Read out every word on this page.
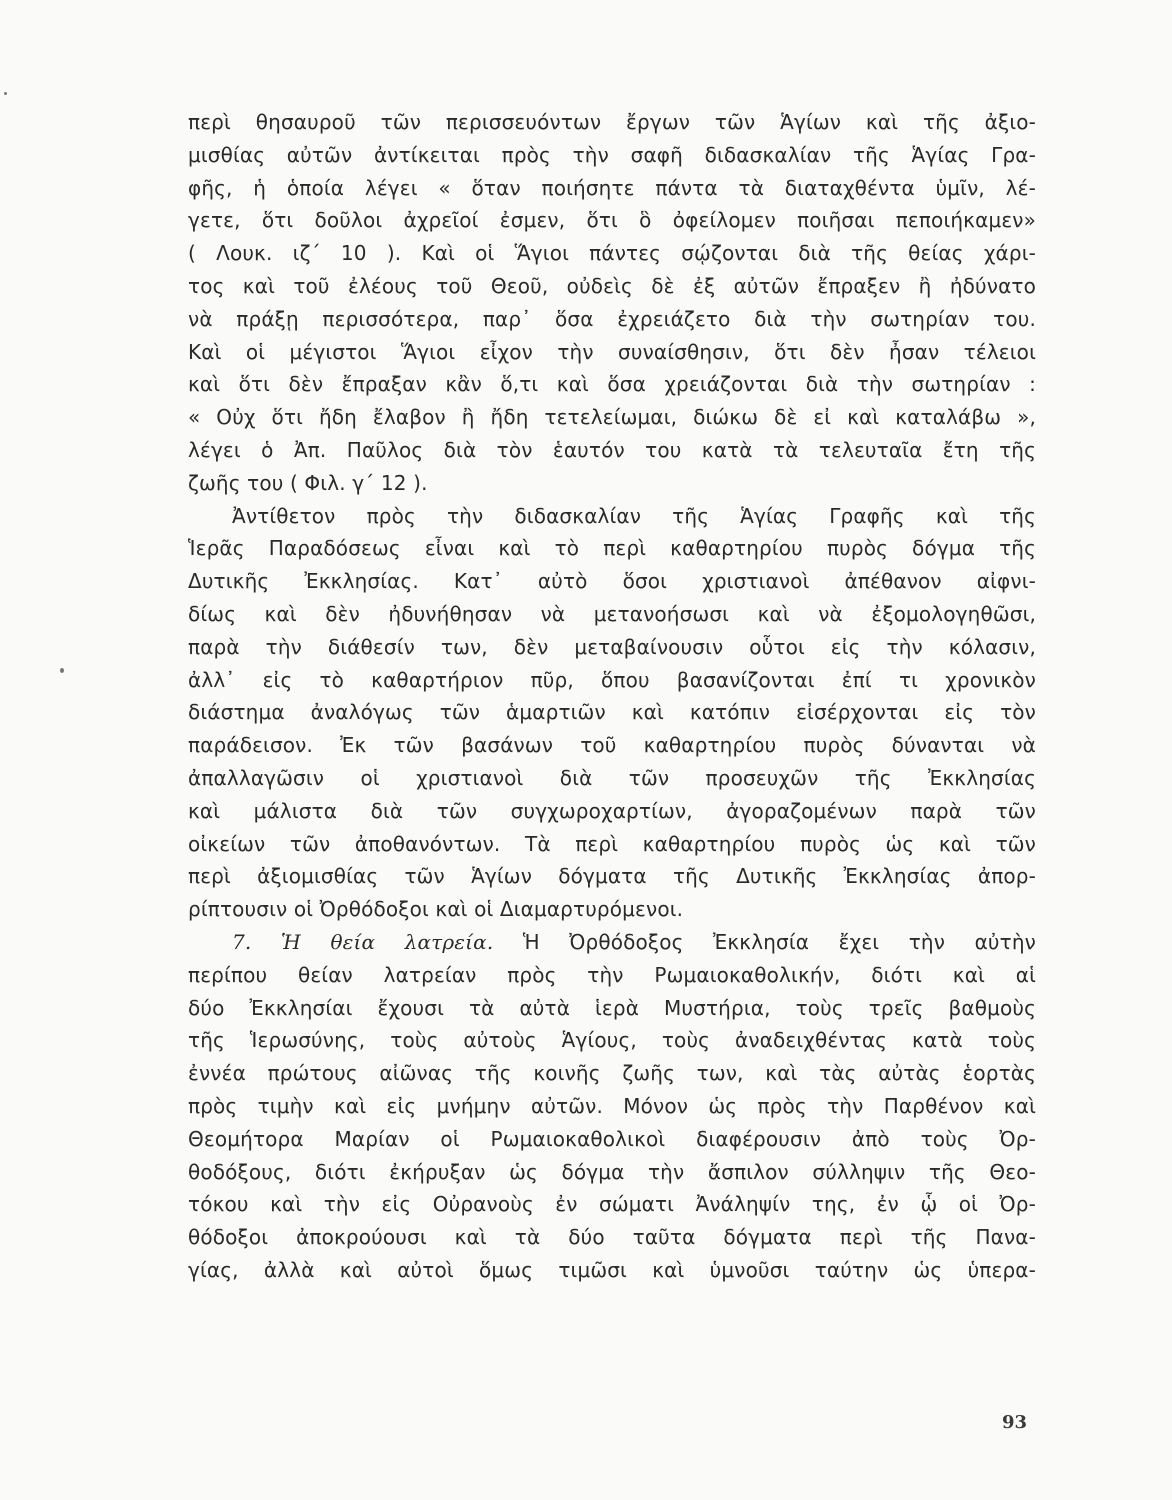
περὶ θησαυροῦ τῶν περισσευόντων ἔργων τῶν Ἁγίων καὶ τῆς ἀξιο-
μισθίας αὐτῶν ἀντίκειται πρὸς τὴν σαφῆ διδασκαλίαν τῆς Ἁγίας Γρα-
φῆς, ἡ ὁποία λέγει « ὅταν ποιήσητε πάντα τὰ διαταχθέντα ὑμῖν, λέ-
γετε, ὅτι δοῦλοι ἀχρεῖοί ἐσμεν, ὅτι ὃ ὀφείλομεν ποιῆσαι πεποιήκαμεν»
( Λουκ. ιζ΄ 10 ). Καὶ οἱ Ἅγιοι πάντες σῴζονται διὰ τῆς θείας χάρι-
τος καὶ τοῦ ἐλέους τοῦ Θεοῦ, οὐδεὶς δὲ ἐξ αὐτῶν ἔπραξεν ἢ ἠδύνατο
νὰ πράξῃ περισσότερα, παρ᾽ ὅσα ἐχρειάζετο διὰ τὴν σωτηρίαν του.
Καὶ οἱ μέγιστοι Ἅγιοι εἶχον τὴν συναίσθησιν, ὅτι δὲν ἦσαν τέλειοι
καὶ ὅτι δὲν ἔπραξαν κἂν ὅ,τι καὶ ὅσα χρειάζονται διὰ τὴν σωτηρίαν :
« Οὐχ ὅτι ἤδη ἔλαβον ἢ ἤδη τετελείωμαι, διώκω δὲ εἰ καὶ καταλάβω »,
λέγει ὁ Ἀπ. Παῦλος διὰ τὸν ἑαυτόν του κατὰ τὰ τελευταῖα ἔτη τῆς
ζωῆς του ( Φιλ. γ΄ 12 ).
Ἀντίθετον πρὸς τὴν διδασκαλίαν τῆς Ἁγίας Γραφῆς καὶ τῆς
Ἱερᾶς Παραδόσεως εἶναι καὶ τὸ περὶ καθαρτηρίου πυρὸς δόγμα τῆς
Δυτικῆς Ἐκκλησίας. Κατ᾽ αὐτὸ ὅσοι χριστιανοὶ ἀπέθανον αἰφνι-
δίως καὶ δὲν ἠδυνήθησαν νὰ μετανοήσωσι καὶ νὰ ἐξομολογηθῶσι,
παρὰ τὴν διάθεσίν των, δὲν μεταβαίνουσιν οὗτοι εἰς τὴν κόλασιν,
ἀλλ᾽ εἰς τὸ καθαρτήριον πῦρ, ὅπου βασανίζονται ἐπί τι χρονικὸν
διάστημα ἀναλόγως τῶν ἁμαρτιῶν καὶ κατόπιν εἰσέρχονται εἰς τὸν
παράδεισον. Ἐκ τῶν βασάνων τοῦ καθαρτηρίου πυρὸς δύνανται νὰ
ἀπαλλαγῶσιν οἱ χριστιανοὶ διὰ τῶν προσευχῶν τῆς Ἐκκλησίας
καὶ μάλιστα διὰ τῶν συγχωροχαρτίων, ἀγοραζομένων παρὰ τῶν
οἰκείων τῶν ἀποθανόντων. Τὰ περὶ καθαρτηρίου πυρὸς ὡς καὶ τῶν
περὶ ἀξιομισθίας τῶν Ἁγίων δόγματα τῆς Δυτικῆς Ἐκκλησίας ἀπορ-
ρίπτουσιν οἱ Ὀρθόδοξοι καὶ οἱ Διαμαρτυρόμενοι.
7. Ἡ θεία λατρεία. Ἡ Ὀρθόδοξος Ἐκκλησία ἔχει τὴν αὐτὴν
περίπου θείαν λατρείαν πρὸς τὴν Ρωμαιοκαθολικήν, διότι καὶ αἱ
δύο Ἐκκλησίαι ἔχουσι τὰ αὐτὰ ἱερὰ Μυστήρια, τοὺς τρεῖς βαθμοὺς
τῆς Ἱερωσύνης, τοὺς αὐτοὺς Ἁγίους, τοὺς ἀναδειχθέντας κατὰ τοὺς
ἐννέα πρώτους αἰῶνας τῆς κοινῆς ζωῆς των, καὶ τὰς αὐτὰς ἑορτὰς
πρὸς τιμὴν καὶ εἰς μνήμην αὐτῶν. Μόνον ὡς πρὸς τὴν Παρθένον καὶ
Θεομήτορα Μαρίαν οἱ Ρωμαιοκαθολικοὶ διαφέρουσιν ἀπὸ τοὺς Ὀρ-
θοδόξους, διότι ἐκήρυξαν ὡς δόγμα τὴν ἄσπιλον σύλληψιν τῆς Θεο-
τόκου καὶ τὴν εἰς Οὐρανοὺς ἐν σώματι Ἀνάληψίν της, ἐν ᾧ οἱ Ὀρ-
θόδοξοι ἀποκρούουσι καὶ τὰ δύο ταῦτα δόγματα περὶ τῆς Πανα-
γίας, ἀλλὰ καὶ αὐτοὶ ὅμως τιμῶσι καὶ ὑμνοῦσι ταύτην ὡς ὑπερα-
93
